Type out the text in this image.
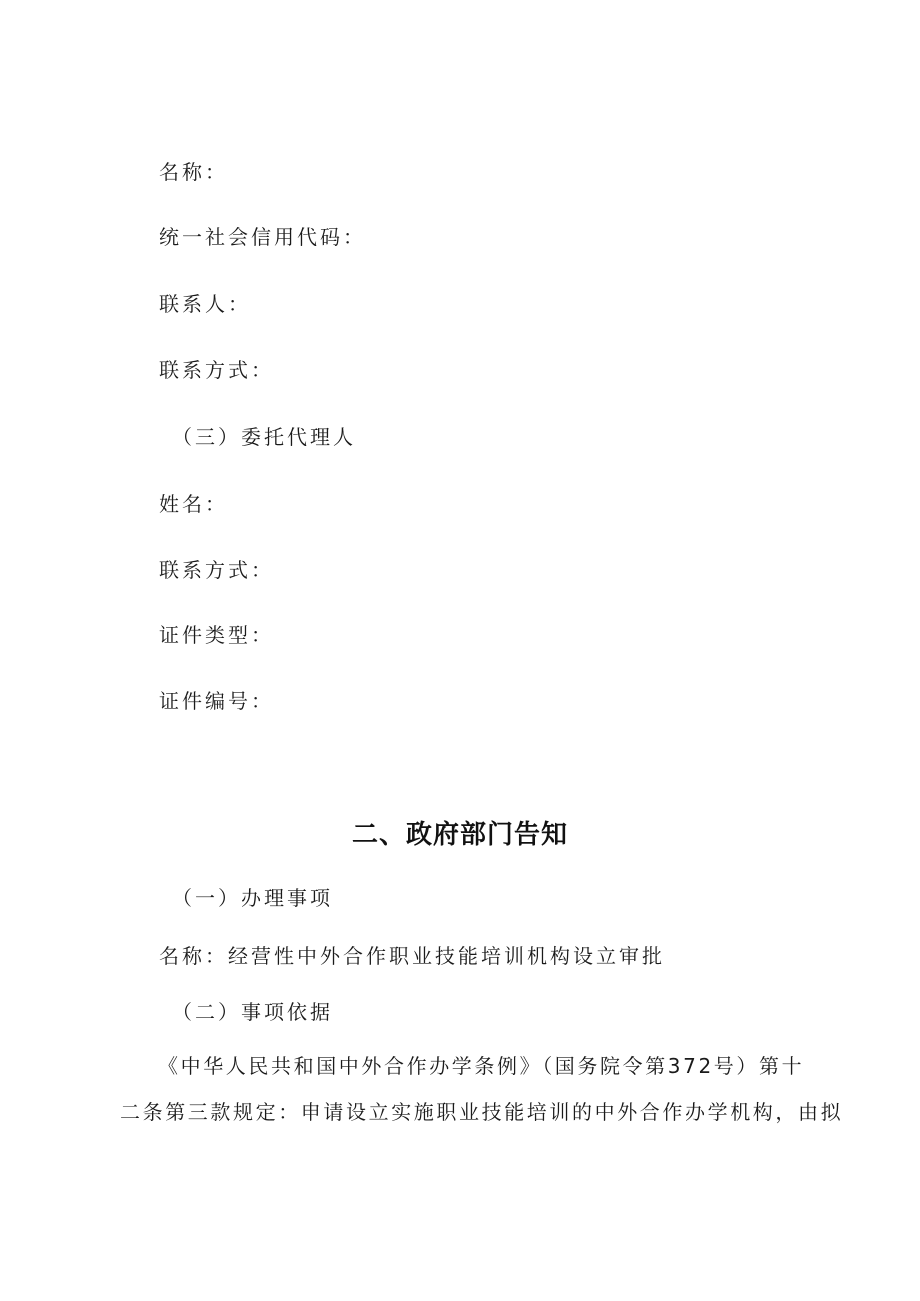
名称：
统一社会信用代码：
联系人：
联系方式：
（三）委托代理人
姓名：
联系方式：
证件类型：
证件编号：
二、政府部门告知
（一）办理事项
名称：经营性中外合作职业技能培训机构设立审批
（二）事项依据
《中华人民共和国中外合作办学条例》（国务院令第372号）第十
二条第三款规定：申请设立实施职业技能培训的中外合作办学机构，由拟
